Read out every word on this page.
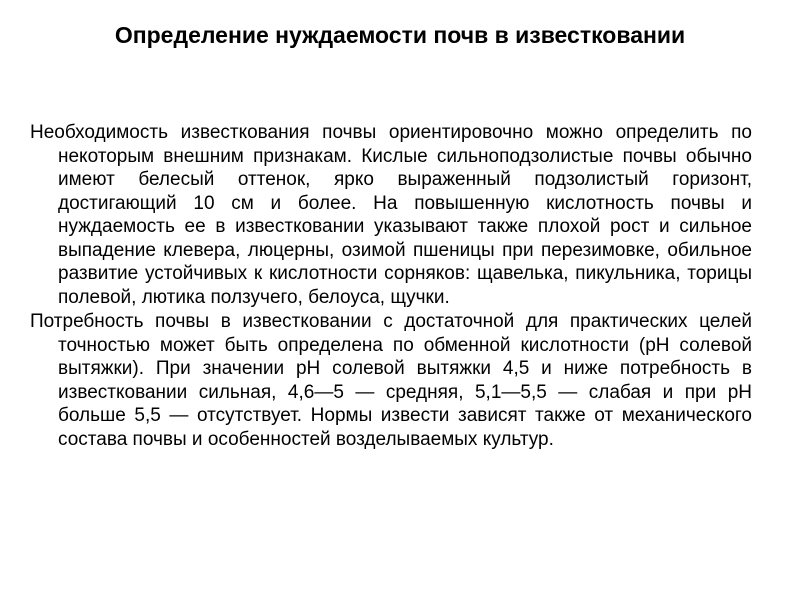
Определение нуждаемости почв в известковании

Необходимость известкования почвы ориентировочно можно определить по некоторым внешним признакам. Кислые сильноподзолистые почвы обычно имеют белесый оттенок, ярко выраженный подзолистый горизонт, достигающий 10 см и более. На повышенную кислотность почвы и нуждаемость ее в известковании указывают также плохой рост и сильное выпадение клевера, люцерны, озимой пшеницы при перезимовке, обильное развитие устойчивых к кислотности сорняков: щавелька, пикульника, торицы полевой, лютика ползучего, белоуса, щучки.

Потребность почвы в известковании с достаточной для практических целей точностью может быть определена по обменной кислотности (рН солевой вытяжки). При значении рН солевой вытяжки 4,5 и ниже потребность в известковании сильная, 4,6—5 — средняя, 5,1—5,5 — слабая и при рН больше 5,5 — отсутствует. Нормы извести зависят также от механического состава почвы и особенностей возделываемых культур.
